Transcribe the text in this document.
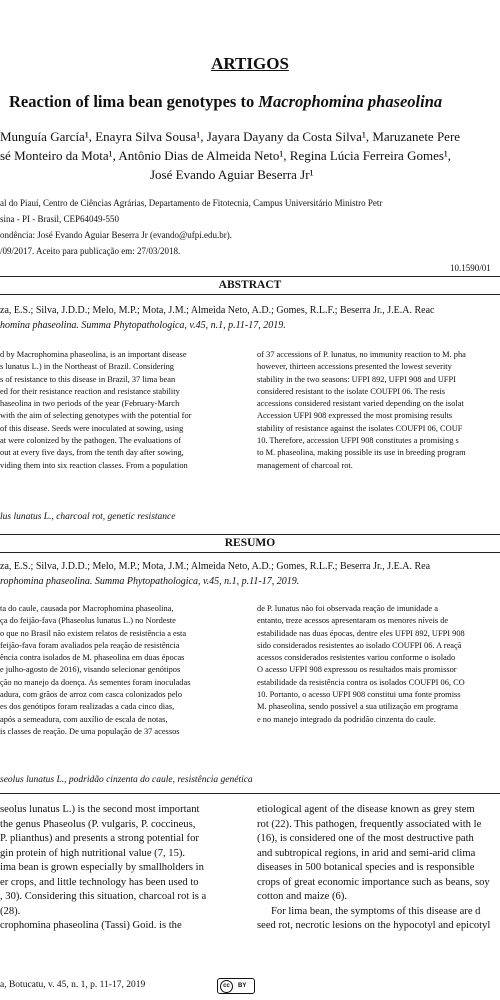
ARTIGOS
Reaction of lima bean genotypes to Macrophomina phaseolina
Munguía García¹, Enayra Silva Sousa¹, Jayara Dayany da Costa Silva¹, Maruzanete Pere
sé Monteiro da Mota¹, Antônio Dias de Almeida Neto¹, Regina Lúcia Ferreira Gomes¹,
José Evando Aguiar Beserra Jr¹
al do Piauí, Centro de Ciências Agrárias, Departamento de Fitotecnia, Campus Universitário Ministro Petr
sina - PI - Brasil, CEP64049-550
ondência: José Evando Aguiar Beserra Jr (evando@ufpi.edu.br).
/09/2017. Aceito para publicação em: 27/03/2018.
10.1590/01
ABSTRACT
za, E.S.; Silva, J.D.D.; Melo, M.P.; Mota, J.M.; Almeida Neto, A.D.; Gomes, R.L.F.; Beserra Jr., J.E.A. Reac
homina phaseolina. Summa Phytopathologica, v.45, n.1, p.11-17, 2019.
d by Macrophomina phaseolina, is an important disease
s lunatus L.) in the Northeast of Brazil. Considering
s of resistance to this disease in Brazil, 37 lima bean
ed for their resistance reaction and resistance stability
haseolina in two periods of the year (February-March
with the aim of selecting genotypes with the potential for
of this disease. Seeds were inoculated at sowing, using
at were colonized by the pathogen. The evaluations of
out at every five days, from the tenth day after sowing,
viding them into six reaction classes. From a population
of 37 accessions of P. lunatus, no immunity reaction to M. pha
however, thirteen accessions presented the lowest severity
stability in the two seasons: UFPI 892, UFPI 908 and UFPI
considered resistant to the isolate COUFPI 06. The resis
accessions considered resistant varied depending on the isolat
Accession UFPI 908 expressed the most promising results
stability of resistance against the isolates COUFPI 06, COUF
10. Therefore, accession UFPI 908 constitutes a promising s
to M. phaseolina, making possible its use in breeding program
management of charcoal rot.
lus lunatus L., charcoal rot, genetic resistance
RESUMO
za, E.S.; Silva, J.D.D.; Melo, M.P.; Mota, J.M.; Almeida Neto, A.D.; Gomes, R.L.F.; Beserra Jr., J.E.A. Rea
rophomina phaseolina. Summa Phytopathologica, v.45, n.1, p.11-17, 2019.
ta do caule, causada por Macrophomina phaseolina,
ça do feijão-fava (Phaseolus lunatus L.) no Nordeste
o que no Brasil não existem relatos de resistência a esta
feijão-fava foram avaliados pela reação de resistência
ência contra isolados de M. phaseolina em duas épocas
e julho-agosto de 2016), visando selecionar genótipos
ção no manejo da doença. As sementes foram inoculadas
adura, com grãos de arroz com casca colonizados pelo
es dos genótipos foram realizadas a cada cinco dias,
após a semeadura, com auxílio de escala de notas,
is classes de reação. De uma população de 37 acessos
de P. lunatus não foi observada reação de imunidade a
entanto, treze acessos apresentaram os menores níveis de
estabilidade nas duas épocas, dentre eles UFPI 892, UFPI 908
sido considerados resistentes ao isolado COUFPI 06. A reaçã
acessos considerados resistentes variou conforme o isolado
O acesso UFPI 908 expressou os resultados mais promissor
estabilidade da resistência contra os isolados COUFPI 06, CO
10. Portanto, o acesso UFPI 908 constitui uma fonte promiss
M. phaseolina, sendo possível a sua utilização em programa
e no manejo integrado da podridão cinzenta do caule.
seolus lunatus L., podridão cinzenta do caule, resistência genética
seolus lunatus L.) is the second most important
the genus Phaseolus (P. vulgaris, P. coccineus,
P. plianthus) and presents a strong potential for
gin protein of high nutritional value (7, 15).
ima bean is grown especially by smallholders in
er crops, and little technology has been used to
, 30). Considering this situation, charcoal rot is a
(28).
crophomina phaseolina (Tassi) Goid. is the
etiological agent of the disease known as grey stem
rot (22). This pathogen, frequently associated with le
(16), is considered one of the most destructive path
and subtropical regions, in arid and semi-arid clima
diseases in 500 botanical species and is responsible
crops of great economic importance such as beans, soy
cotton and maize (6).
For lima bean, the symptoms of this disease are d
seed rot, necrotic lesions on the hypocotyl and epicotyl
a, Botucatu, v. 45, n. 1, p. 11-17, 2019	cc	BY
